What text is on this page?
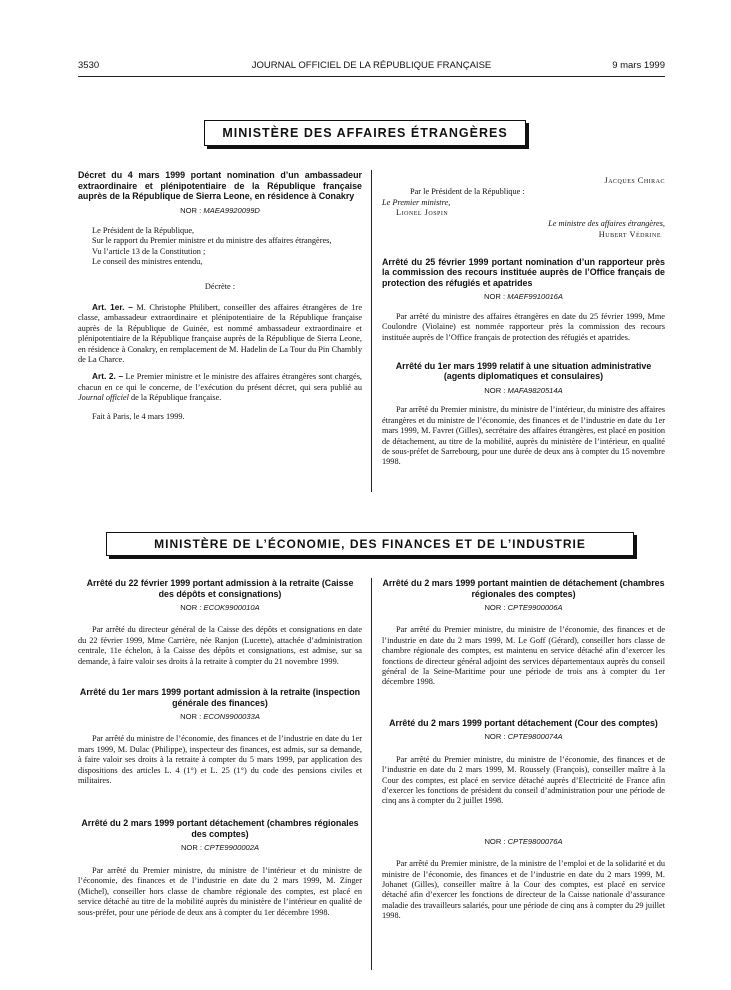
3530	JOURNAL OFFICIEL DE LA RÉPUBLIQUE FRANÇAISE	9 mars 1999
MINISTÈRE DES AFFAIRES ÉTRANGÈRES
Décret du 4 mars 1999 portant nomination d’un ambassadeur extraordinaire et plénipotentiaire de la République française auprès de la République de Sierra Leone, en résidence à Conakry
NOR : MAEA9920099D

Le Président de la République,

Sur le rapport du Premier ministre et du ministre des affaires étrangères,

Vu l’article 13 de la Constitution ;

Le conseil des ministres entendu,

Décrète :

Art. 1er. – M. Christophe Philibert, conseiller des affaires étrangères de 1re classe, ambassadeur extraordinaire et plénipotentiaire de la République française auprès de la République de Guinée, est nommé ambassadeur extraordinaire et plénipotentiaire de la République française auprès de la République de Sierra Leone, en résidence à Conakry, en remplacement de M. Hadelin de La Tour du Pin Chambly de La Charce.

Art. 2. – Le Premier ministre et le ministre des affaires étrangères sont chargés, chacun en ce qui le concerne, de l’exécution du présent décret, qui sera publié au Journal officiel de la République française.

Fait à Paris, le 4 mars 1999.

Jacques Chirac
Par le Président de la République :
Le Premier ministre,
Lionel Jospin
Le ministre des affaires étrangères,
Hubert Védrine
Arrêté du 25 février 1999 portant nomination d’un rapporteur près la commission des recours instituée auprès de l’Office français de protection des réfugiés et apatrides
NOR : MAEF9910016A

Par arrêté du ministre des affaires étrangères en date du 25 février 1999, Mme Coulondre (Violaine) est nommée rapporteur près la commission des recours instituée auprès de l’Office français de protection des réfugiés et apatrides.

Arrêté du 1er mars 1999 relatif à une situation administrative (agents diplomatiques et consulaires)
NOR : MAFA9820514A

Par arrêté du Premier ministre, du ministre de l’intérieur, du ministre des affaires étrangères et du ministre de l’économie, des finances et de l’industrie en date du 1er mars 1999, M. Favret (Gilles), secrétaire des affaires étrangères, est placé en position de détachement, au titre de la mobilité, auprès du ministère de l’intérieur, en qualité de sous-préfet de Sarrebourg, pour une durée de deux ans à compter du 15 novembre 1998.

MINISTÈRE DE L’ÉCONOMIE, DES FINANCES ET DE L’INDUSTRIE
Arrêté du 22 février 1999 portant admission à la retraite (Caisse des dépôts et consignations)
NOR : ECOK9900010A

Par arrêté du directeur général de la Caisse des dépôts et consignations en date du 22 février 1999, Mme Carrière, née Ranjon (Lucette), attachée d’administration centrale, 11e échelon, à la Caisse des dépôts et consignations, est admise, sur sa demande, à faire valoir ses droits à la retraite à compter du 21 novembre 1999.

Arrêté du 1er mars 1999 portant admission à la retraite (inspection générale des finances)
NOR : ECON9900033A

Par arrêté du ministre de l’économie, des finances et de l’industrie en date du 1er mars 1999, M. Dulac (Philippe), inspecteur des finances, est admis, sur sa demande, à faire valoir ses droits à la retraite à compter du 5 mars 1999, par application des dispositions des articles L. 4 (1°) et L. 25 (1°) du code des pensions civiles et militaires.

Arrêté du 2 mars 1999 portant détachement (chambres régionales des comptes)
NOR : CPTE9900002A

Par arrêté du Premier ministre, du ministre de l’intérieur et du ministre de l’économie, des finances et de l’industrie en date du 2 mars 1999, M. Zinger (Michel), conseiller hors classe de chambre régionale des comptes, est placé en service détaché au titre de la mobilité auprès du ministère de l’intérieur en qualité de sous-préfet, pour une période de deux ans à compter du 1er décembre 1998.

Arrêté du 2 mars 1999 portant maintien de détachement (chambres régionales des comptes)
NOR : CPTE9900006A

Par arrêté du Premier ministre, du ministre de l’économie, des finances et de l’industrie en date du 2 mars 1999, M. Le Goff (Gérard), conseiller hors classe de chambre régionale des comptes, est maintenu en service détaché afin d’exercer les fonctions de directeur général adjoint des services départementaux auprès du conseil général de la Seine-Maritime pour une période de trois ans à compter du 1er décembre 1998.

Arrêté du 2 mars 1999 portant détachement (Cour des comptes)
NOR : CPTE9800074A

Par arrêté du Premier ministre, du ministre de l’économie, des finances et de l’industrie en date du 2 mars 1999, M. Roussely (François), conseiller maître à la Cour des comptes, est placé en service détaché auprès d’Electricité de France afin d’exercer les fonctions de président du conseil d’administration pour une période de cinq ans à compter du 2 juillet 1998.

NOR : CPTE9800076A

Par arrêté du Premier ministre, de la ministre de l’emploi et de la solidarité et du ministre de l’économie, des finances et de l’industrie en date du 2 mars 1999, M. Johanet (Gilles), conseiller maître à la Cour des comptes, est placé en service détaché afin d’exercer les fonctions de directeur de la Caisse nationale d’assurance maladie des travailleurs salariés, pour une période de cinq ans à compter du 29 juillet 1998.
